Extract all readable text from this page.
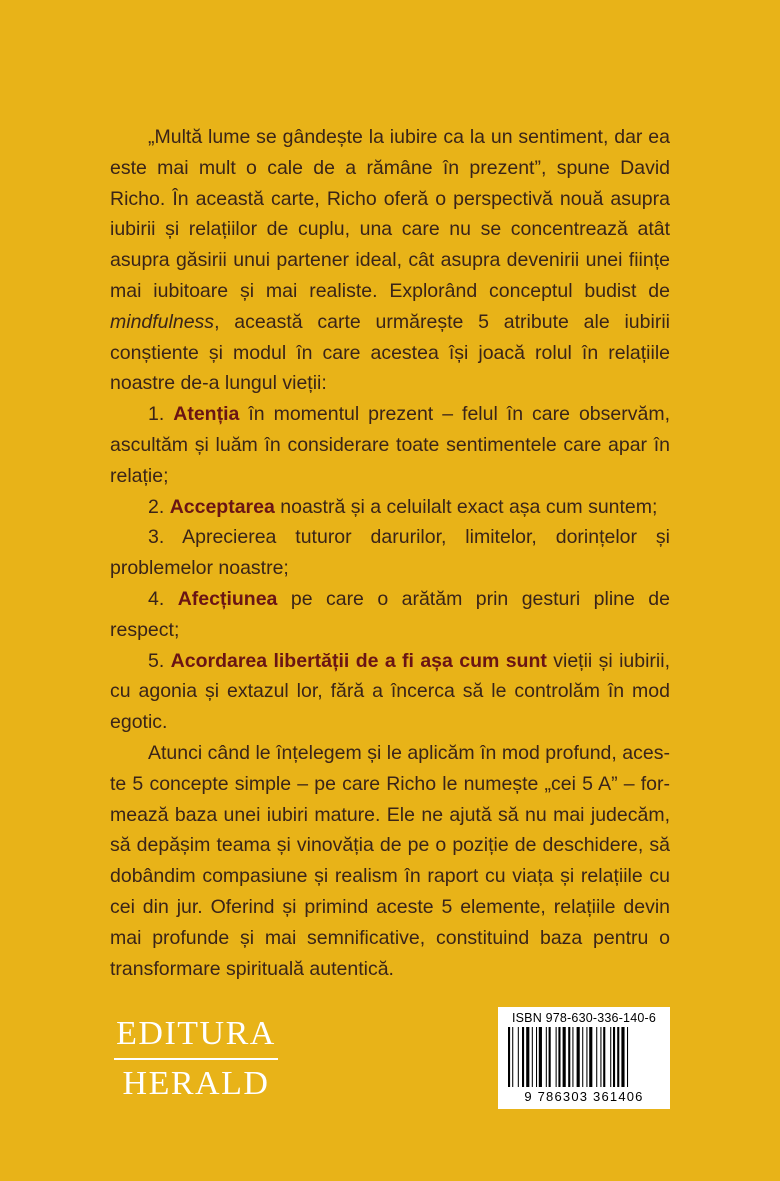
„Multă lume se gândește la iubire ca la un sentiment, dar ea este mai mult o cale de a rămâne în prezent”, spune David Richo. În această carte, Richo oferă o perspectivă nouă asupra iubirii și relațiilor de cuplu, una care nu se concentrează atât asupra găsirii unui partener ideal, cât asupra devenirii unei ființe mai iubitoare și mai realiste. Explorând conceptul budist de mindfulness, această carte urmărește 5 atribute ale iubirii conștiente și modul în care acestea își joacă rolul în relațiile noastre de-a lungul vieții:

1. Atenția în momentul prezent – felul în care observăm, ascultăm și luăm în considerare toate sentimentele care apar în relație;

2. Acceptarea noastră și a celuilalt exact așa cum suntem;

3. Aprecierea tuturor darurilor, limitelor, dorințelor și problemelor noastre;

4. Afecțiunea pe care o arătăm prin gesturi pline de respect;

5. Acordarea libertății de a fi așa cum sunt vieții și iubirii, cu agonia și extazul lor, fără a încerca să le controlăm în mod egotic.

Atunci când le înțelegem și le aplicăm în mod profund, aceste 5 concepte simple – pe care Richo le numește „cei 5 A” – formează baza unei iubiri mature. Ele ne ajută să nu mai judecăm, să depășim teama și vinovăția de pe o poziție de deschidere, să dobândim compasiune și realism în raport cu viața și relațiile cu cei din jur. Oferind și primind aceste 5 elemente, relațiile devin mai profunde și mai semnificative, constituind baza pentru o transformare spirituală autentică.

EDITURA
HERALD
ISBN 978-630-336-140-6
9 786303 361406
